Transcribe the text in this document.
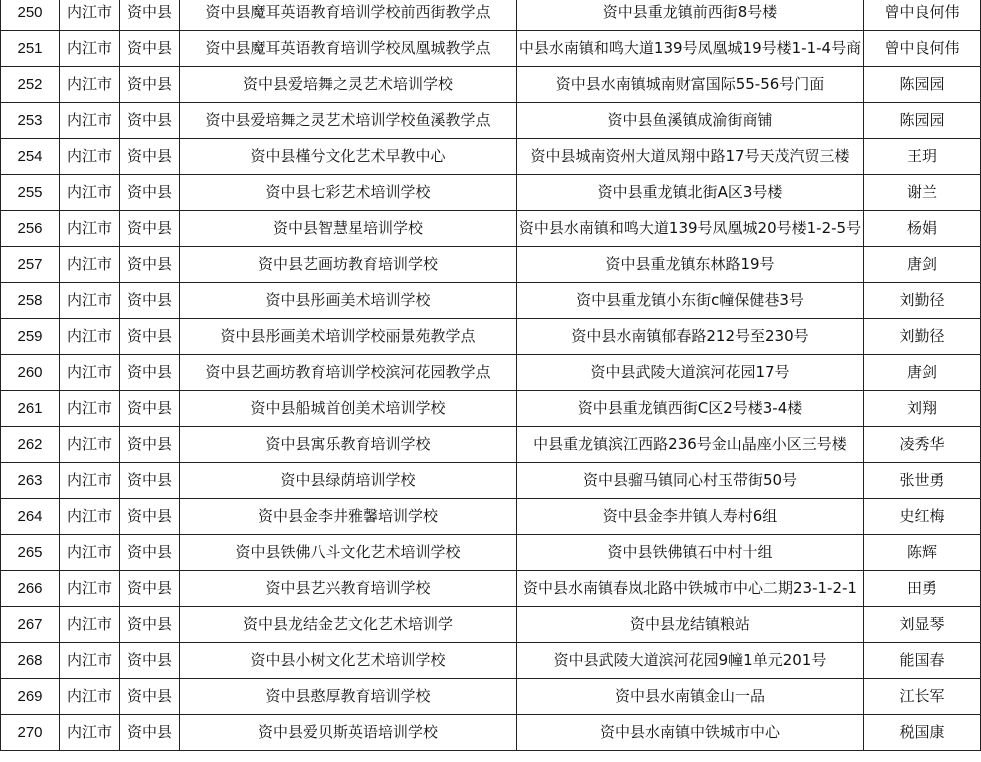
250	内江市	资中县	资中县魔耳英语教育培训学校前西街教学点	资中县重龙镇前西街8号楼	曾中良何伟
251	内江市	资中县	资中县魔耳英语教育培训学校凤凰城教学点	中县水南镇和鸣大道139号凤凰城19号楼1-1-4号商	曾中良何伟
252	内江市	资中县	资中县爱培舞之灵艺术培训学校	资中县水南镇城南财富国际55-56号门面	陈园园
253	内江市	资中县	资中县爱培舞之灵艺术培训学校鱼溪教学点	资中县鱼溪镇成渝街商铺	陈园园
254	内江市	资中县	资中县槿兮文化艺术早教中心	资中县城南资州大道凤翔中路17号天茂汽贸三楼	王玥
255	内江市	资中县	资中县七彩艺术培训学校	资中县重龙镇北街A区3号楼	谢兰
256	内江市	资中县	资中县智慧星培训学校	资中县水南镇和鸣大道139号凤凰城20号楼1-2-5号	杨娟
257	内江市	资中县	资中县艺画坊教育培训学校	资中县重龙镇东林路19号	唐剑
258	内江市	资中县	资中县彤画美术培训学校	资中县重龙镇小东街c幢保健巷3号	刘勤径
259	内江市	资中县	资中县彤画美术培训学校丽景苑教学点	资中县水南镇郁春路212号至230号	刘勤径
260	内江市	资中县	资中县艺画坊教育培训学校滨河花园教学点	资中县武陵大道滨河花园17号	唐剑
261	内江市	资中县	资中县船城首创美术培训学校	资中县重龙镇西街C区2号楼3-4楼	刘翔
262	内江市	资中县	资中县寓乐教育培训学校	中县重龙镇滨江西路236号金山晶座小区三号楼	凌秀华
263	内江市	资中县	资中县绿荫培训学校	资中县骝马镇同心村玉带街50号	张世勇
264	内江市	资中县	资中县金李井雅馨培训学校	资中县金李井镇人寿村6组	史红梅
265	内江市	资中县	资中县铁佛八斗文化艺术培训学校	资中县铁佛镇石中村十组	陈辉
266	内江市	资中县	资中县艺兴教育培训学校	资中县水南镇春岚北路中铁城市中心二期23-1-2-1	田勇
267	内江市	资中县	资中县龙结金艺文化艺术培训学	资中县龙结镇粮站	刘显琴
268	内江市	资中县	资中县小树文化艺术培训学校	资中县武陵大道滨河花园9幢1单元201号	能国春
269	内江市	资中县	资中县憨厚教育培训学校	资中县水南镇金山一品	江长军
270	内江市	资中县	资中县爱贝斯英语培训学校	资中县水南镇中铁城市中心	税国康
